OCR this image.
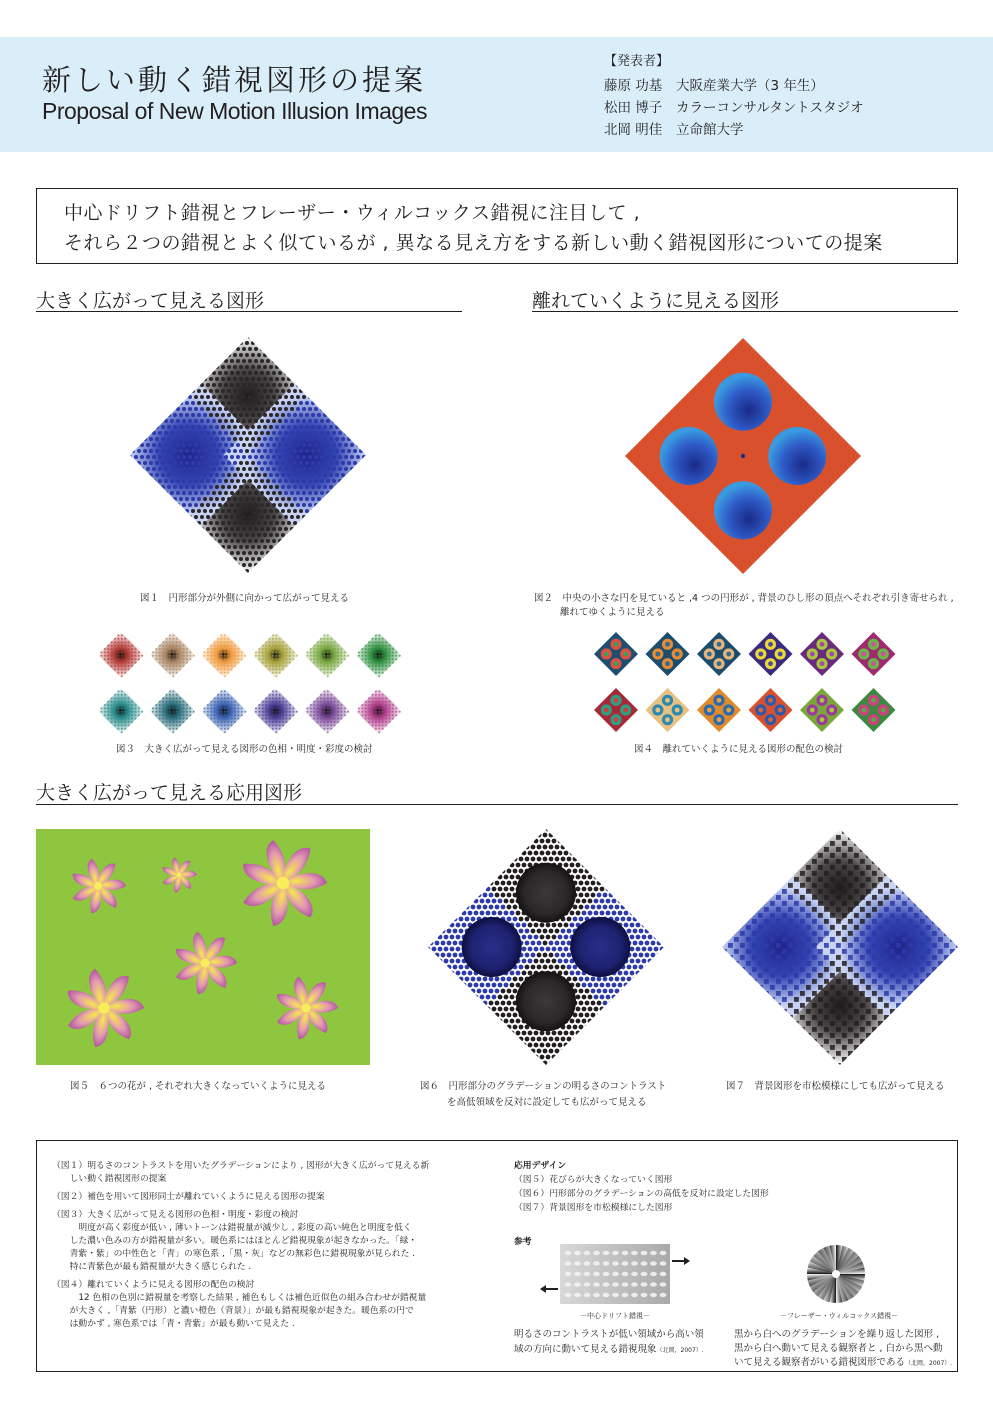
新しい動く錯視図形の提案
Proposal of New Motion Illusion Images
【発表者】
藤原 功基 大阪産業大学（3 年生）
松田 博子 カラーコンサルタントスタジオ
北岡 明佳 立命館大学
中心ドリフト錯視とフレーザー・ウィルコックス錯視に注目して ,
それら２つの錯視とよく似ているが , 異なる見え方をする新しい動く錯視図形についての提案
大きく広がって見える図形	離れていくように見える図形
大きく広がって見える応用図形
図１　円形部分が外側に向かって広がって見える	図２　中央の小さな円を見ていると ,4 つの円形が , 背景のひし形の頂点へそれぞれ引き寄せられ ,
離れてゆくように見える
図３　大きく広がって見える図形の色相・明度・彩度の検討	図４　離れていくように見える図形の配色の検討
図５　６つの花が , それぞれ大きくなっていくように見える	図６　円形部分のグラデーションの明るさのコントラスト
を高低領域を反対に設定しても広がって見える
図７　背景図形を市松模様にしても広がって見える
（図１）明るさのコントラストを用いたグラデーションにより , 図形が大きく広がって見える新
　　しい動く錯視図形の提案
（図２）補色を用いて図形同士が離れていくように見える図形の提案
（図３）大きく広がって見える図形の色相・明度・彩度の検討
　　　明度が高く彩度が低い , 薄いトーンは錯視量が減少し , 彩度の高い純色と明度を低く
　　した濃い色みの方が錯視量が多い。暖色系にはほとんど錯視現象が起きなかった。「緑・
　　青紫・紫」の中性色と「青」の寒色系 ,「黒・灰」などの無彩色に錯視現象が見られた .
　　特に青紫色が最も錯視量が大きく感じられた .
（図４）離れていくように見える図形の配色の検討
　　　12 色相の色別に錯視量を考察した結果 , 補色もしくは補色近似色の組み合わせが錯視量
　　が大きく ,「青紫（円形）と濃い橙色（背景）」が最も錯視現象が起きた。暖色系の円で
　　は動かず , 寒色系では「青・青紫」が最も動いて見えた .
応用デザイン
（図５）花びらが大きくなっていく図形
（図６）円形部分のグラデーションの高低を反対に設定した図形
（図７）背景図形を市松模様にした図形
参考
－中心ドリフト錯視－
明るさのコントラストが低い領域から高い領
域の方向に動いて見える錯視現象（北岡，2007）.
－フレーザー・ウィルコックス錯視－
黒から白へのグラデーションを繰り返した図形 ,
黒から白へ動いて見える観察者と , 白から黒へ動
いて見える観察者がいる錯視図形である（北岡，2007）.
